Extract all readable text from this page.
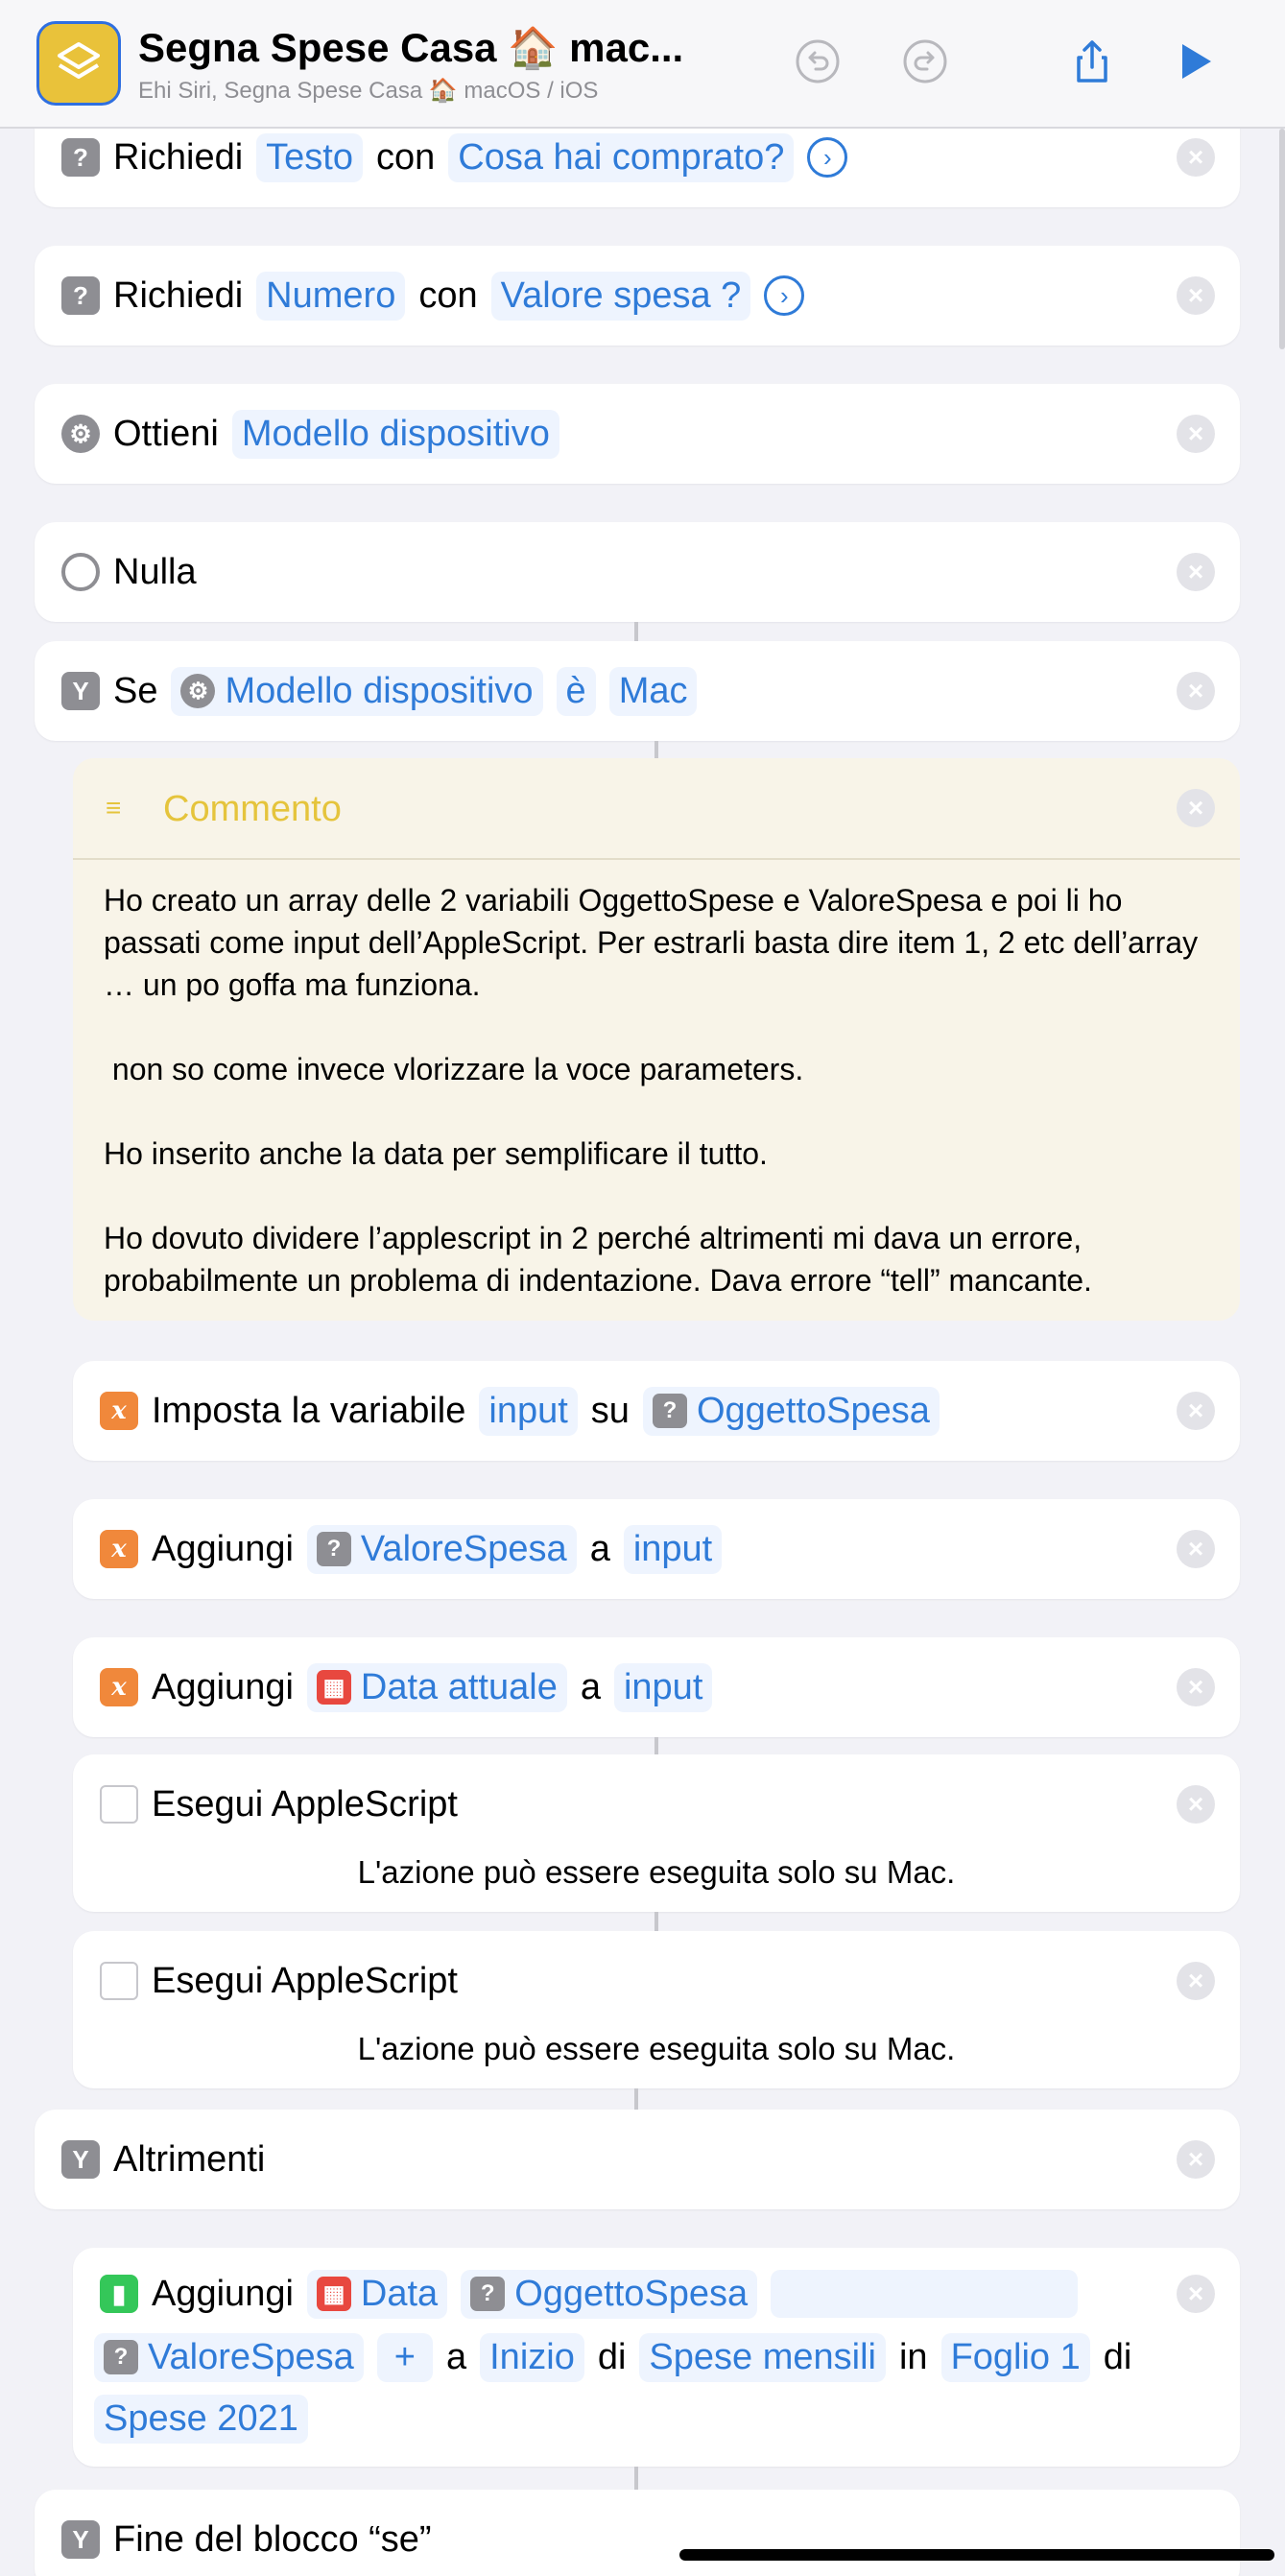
Segna Spese Casa 🏠 mac...
Ehi Siri, Segna Spese Casa 🏠 macOS / iOS
? Richiedi Testo con Cosa hai comprato?	›	×
? Richiedi Numero con Valore spesa ?	›	×
⚙ Ottieni Modello dispositivo	×
Nulla	×
Y Se	⚙ Modello dispositivo è Mac	×
≡	Commento	×

Ho creato un array delle 2 variabili OggettoSpese e ValoreSpesa e poi li ho passati come input dell’AppleScript. Per estrarli basta dire item 1, 2 etc dell’array … un po goffa ma funziona.

non so come invece vlorizzare la voce parameters.

Ho inserito anche la data per semplificare il tutto.

Ho dovuto dividere l’applescript in 2 perché altrimenti mi dava un errore, probabilmente un problema di indentazione. Dava errore “tell” mancante.

x Imposta la variabile input su	? OggettoSpesa	×
x Aggiungi	? ValoreSpesa a input	×
x Aggiungi ▦ Data attuale a input	×
Esegui AppleScript	×
L'azione può essere eseguita solo su Mac.
Esegui AppleScript	×
L'azione può essere eseguita solo su Mac.
Y Altrimenti	×
▮ Aggiungi ▦ Data	? OggettoSpesa	×
? ValoreSpesa	+ a Inizio di Spese mensili in Foglio 1 di
Spese 2021
Y Fine del blocco “se”
